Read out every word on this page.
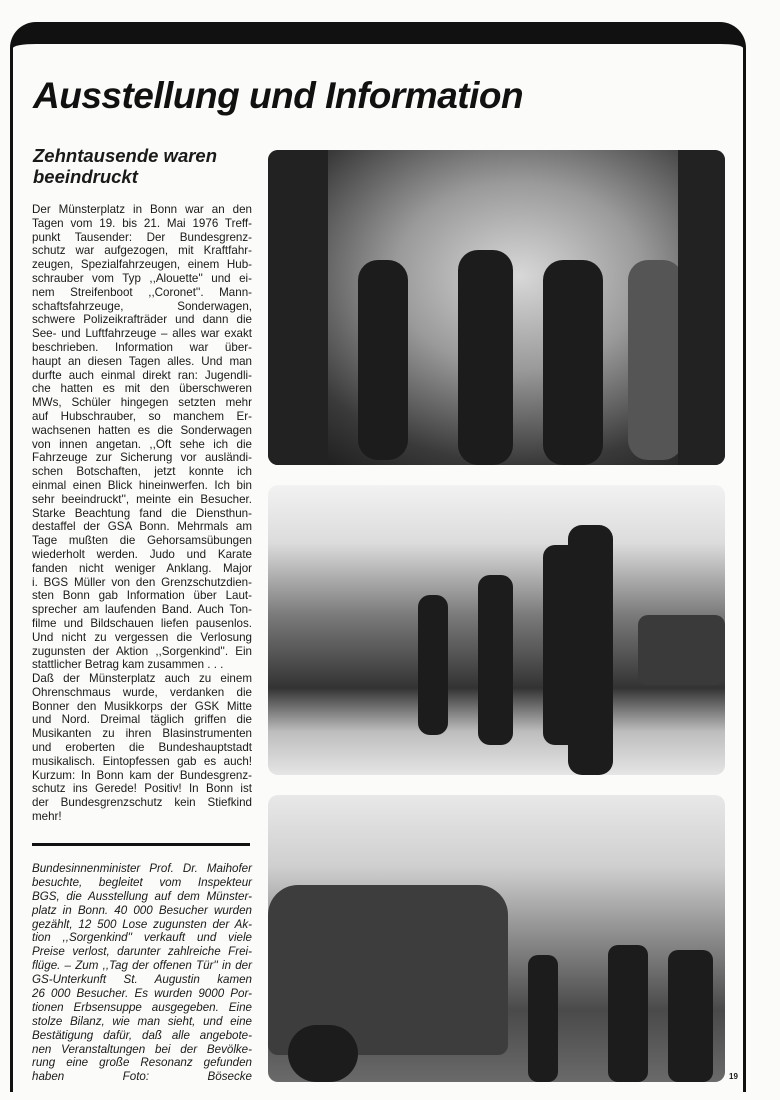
Ausstellung und Information
Zehntausende waren
beeindruckt
Der Münsterplatz in Bonn war an den
Tagen vom 19. bis 21. Mai 1976 Treff-
punkt Tausender: Der Bundesgrenz-
schutz war aufgezogen, mit Kraftfahr-
zeugen, Spezialfahrzeugen, einem Hub-
schrauber vom Typ ,,Alouette'' und ei-
nem Streifenboot ,,Coronet''. Mann-
schaftsfahrzeuge, Sonderwagen,
schwere Polizeikrafträder und dann die
See- und Luftfahrzeuge – alles war exakt
beschrieben. Information war über-
haupt an diesen Tagen alles. Und man
durfte auch einmal direkt ran: Jugendli-
che hatten es mit den überschweren
MWs, Schüler hingegen setzten mehr
auf Hubschrauber, so manchem Er-
wachsenen hatten es die Sonderwagen
von innen angetan. ,,Oft sehe ich die
Fahrzeuge zur Sicherung vor ausländi-
schen Botschaften, jetzt konnte ich
einmal einen Blick hineinwerfen. Ich bin
sehr beeindruckt'', meinte ein Besucher.
Starke Beachtung fand die Diensthun-
destaffel der GSA Bonn. Mehrmals am
Tage mußten die Gehorsamsübungen
wiederholt werden. Judo und Karate
fanden nicht weniger Anklang. Major
i. BGS Müller von den Grenzschutzdien-
sten Bonn gab Information über Laut-
sprecher am laufenden Band. Auch Ton-
filme und Bildschauen liefen pausenlos.
Und nicht zu vergessen die Verlosung
zugunsten der Aktion ,,Sorgenkind''. Ein
stattlicher Betrag kam zusammen . . .
Daß der Münsterplatz auch zu einem
Ohrenschmaus wurde, verdanken die
Bonner den Musikkorps der GSK Mitte
und Nord. Dreimal täglich griffen die
Musikanten zu ihren Blasinstrumenten
und eroberten die Bundeshauptstadt
musikalisch. Eintopfessen gab es auch!
Kurzum: In Bonn kam der Bundesgrenz-
schutz ins Gerede! Positiv! In Bonn ist
der Bundesgrenzschutz kein Stiefkind
mehr!
Bundesinnenminister Prof. Dr. Maihofer
besuchte, begleitet vom Inspekteur
BGS, die Ausstellung auf dem Münster-
platz in Bonn. 40 000 Besucher wurden
gezählt, 12 500 Lose zugunsten der Ak-
tion ,,Sorgenkind'' verkauft und viele
Preise verlost, darunter zahlreiche Frei-
flüge. – Zum ,,Tag der offenen Tür'' in der
GS-Unterkunft St. Augustin kamen
26 000 Besucher. Es wurden 9000 Por-
tionen Erbsensuppe ausgegeben. Eine
stolze Bilanz, wie man sieht, und eine
Bestätigung dafür, daß alle angebote-
nen Veranstaltungen bei der Bevölke-
rung eine große Resonanz gefunden
haben Foto: Bösecke	19
